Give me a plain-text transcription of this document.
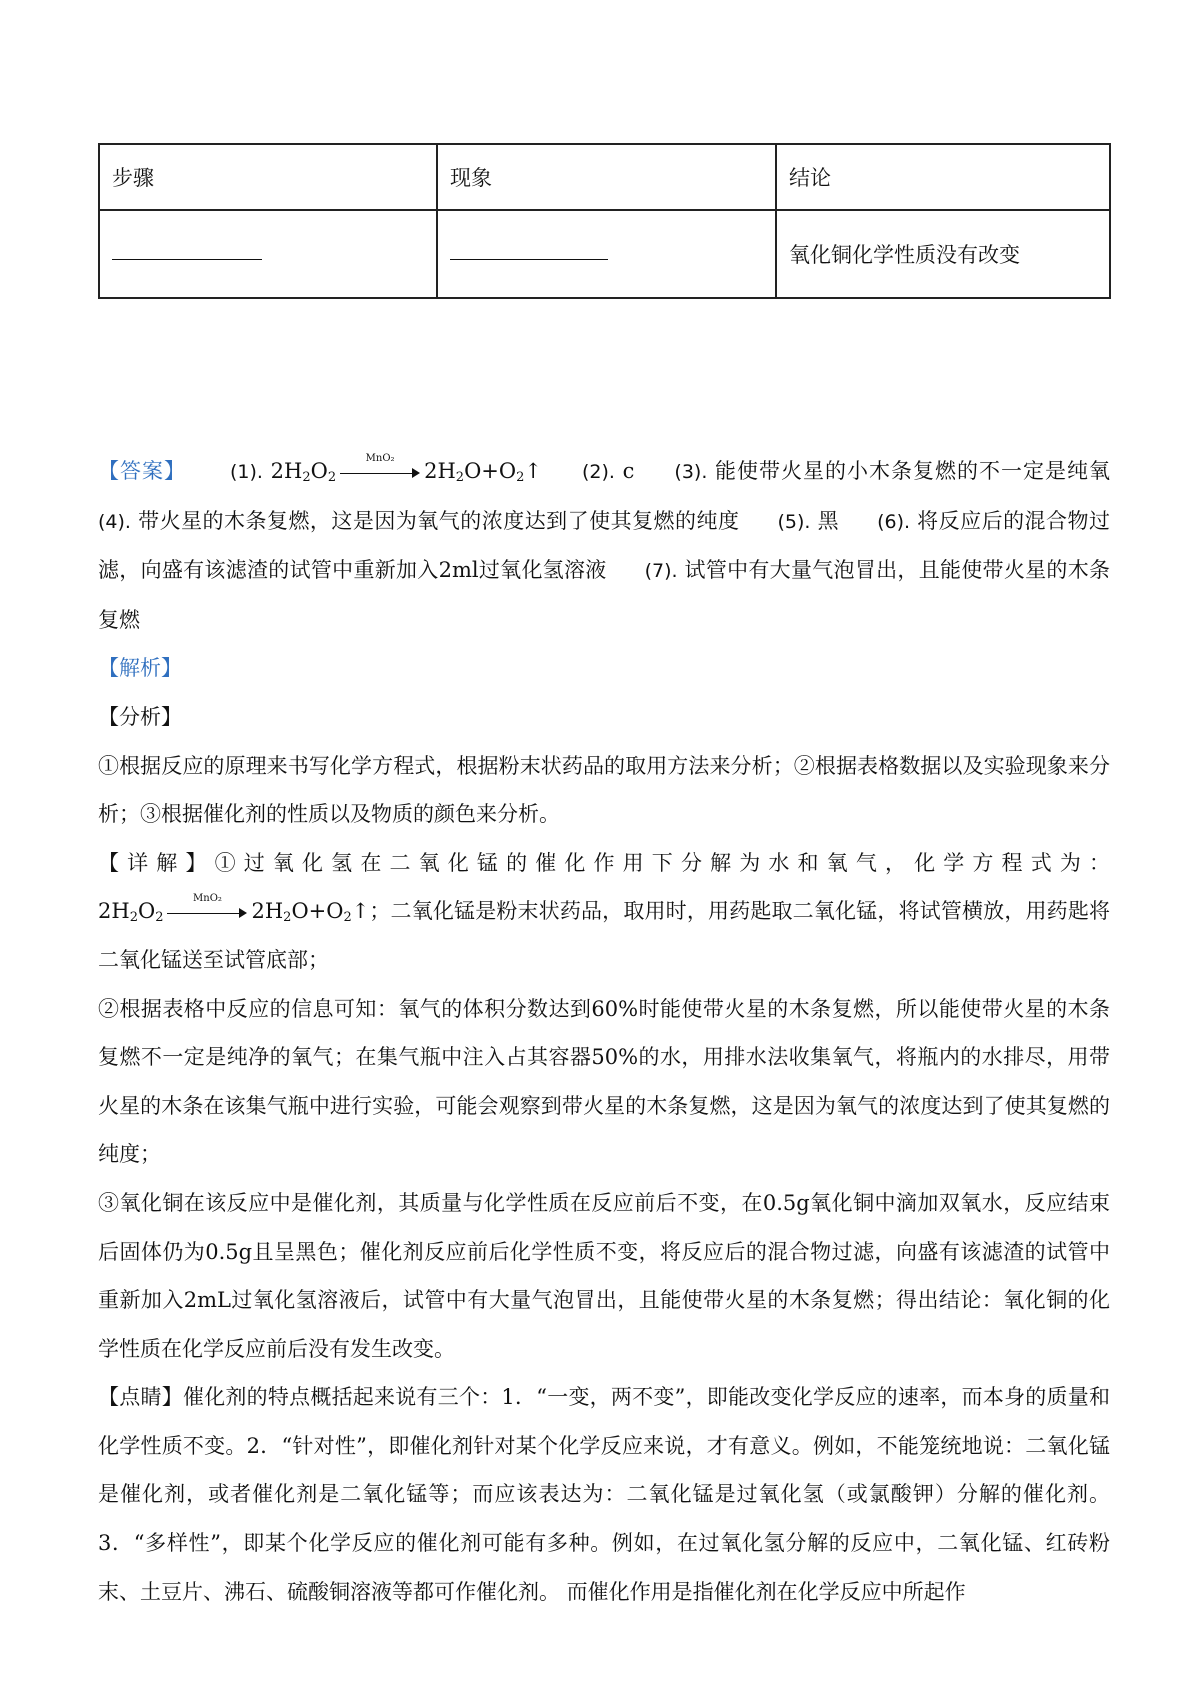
步骤	现象	结论
		氧化铜化学性质没有改变

【答案】 (1). $2H_2O_2$
MnO₂
$2H_2O+O_2↑$ (2). c (3). 能使带火星的小木条复燃的不一定是纯氧 (4). 带火星的木条复燃，这是因为氧气的浓度达到了使其复燃的纯度 (5). 黑 (6). 将反应后的混合物过滤，向盛有该滤渣的试管中重新加入2ml过氧化氢溶液 (7). 试管中有大量气泡冒出，且能使带火星的木条复燃

【解析】

【分析】

①根据反应的原理来书写化学方程式，根据粉末状药品的取用方法来分析；②根据表格数据以及实验现象来分析；③根据催化剂的性质以及物质的颜色来分析。

【详解】①过氧化氢在二氧化锰的催化作用下分解为水和氧气，化学方程式为：$2H_2O_2$
MnO₂
$2H_2O+O_2↑$；二氧化锰是粉末状药品，取用时，用药匙取二氧化锰，将试管横放，用药匙将二氧化锰送至试管底部；

②根据表格中反应的信息可知：氧气的体积分数达到60%时能使带火星的木条复燃，所以能使带火星的木条复燃不一定是纯净的氧气；在集气瓶中注入占其容器50%的水，用排水法收集氧气，将瓶内的水排尽，用带火星的木条在该集气瓶中进行实验，可能会观察到带火星的木条复燃，这是因为氧气的浓度达到了使其复燃的纯度；

③氧化铜在该反应中是催化剂，其质量与化学性质在反应前后不变，在0.5g氧化铜中滴加双氧水，反应结束后固体仍为0.5g且呈黑色；催化剂反应前后化学性质不变，将反应后的混合物过滤，向盛有该滤渣的试管中重新加入2mL过氧化氢溶液后，试管中有大量气泡冒出，且能使带火星的木条复燃；得出结论：氧化铜的化学性质在化学反应前后没有发生改变。

【点睛】催化剂的特点概括起来说有三个：1．“一变，两不变”，即能改变化学反应的速率，而本身的质量和化学性质不变。2．“针对性”，即催化剂针对某个化学反应来说，才有意义。例如，不能笼统地说：二氧化锰是催化剂，或者催化剂是二氧化锰等；而应该表达为：二氧化锰是过氧化氢（或氯酸钾）分解的催化剂。3．“多样性”，即某个化学反应的催化剂可能有多种。例如，在过氧化氢分解的反应中，二氧化锰、红砖粉末、土豆片、沸石、硫酸铜溶液等都可作催化剂。 而催化作用是指催化剂在化学反应中所起作
